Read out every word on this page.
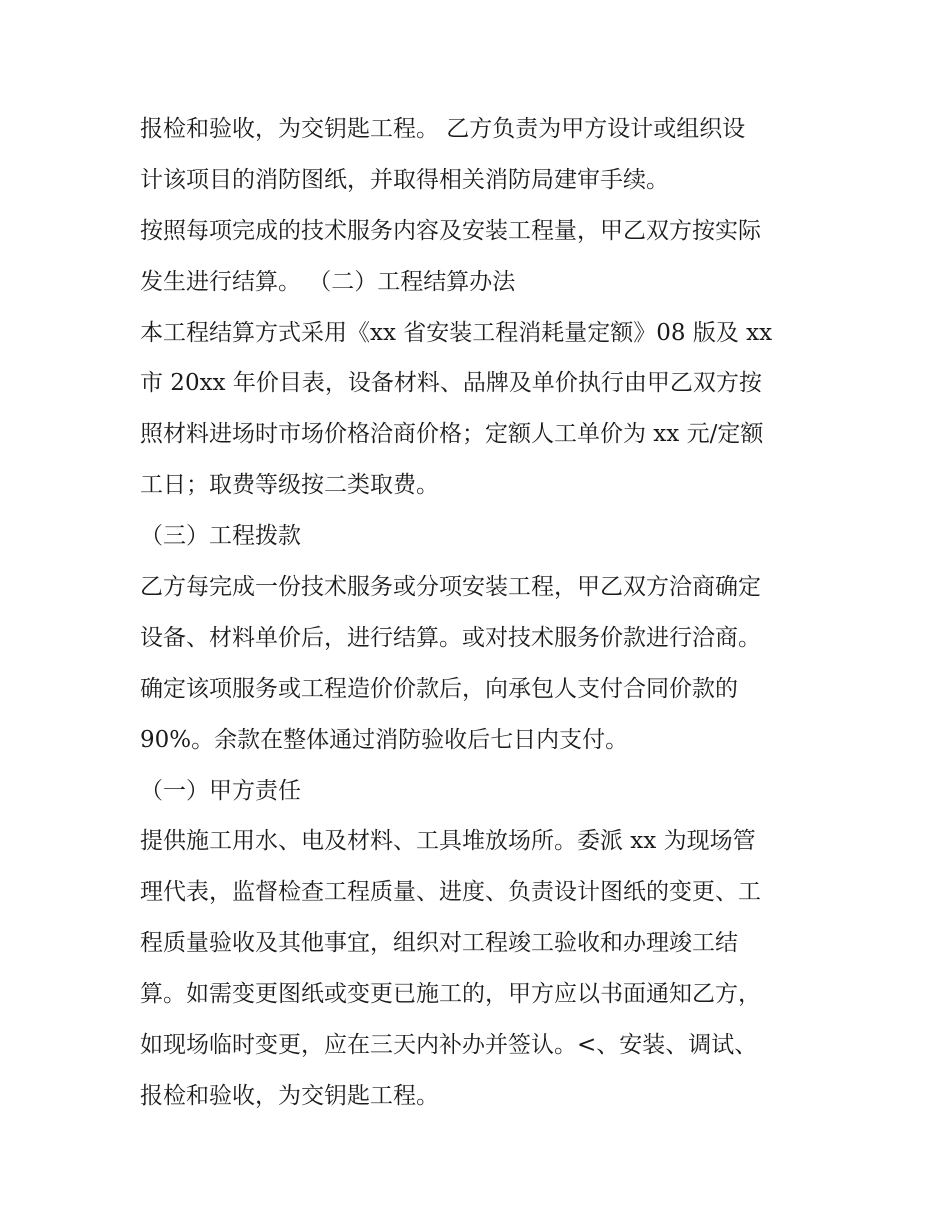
报检和验收，为交钥匙工程。 乙方负责为甲方设计或组织设
计该项目的消防图纸，并取得相关消防局建审手续。
按照每项完成的技术服务内容及安装工程量，甲乙双方按实际
发生进行结算。 （二）工程结算办法
本工程结算方式采用《xx 省安装工程消耗量定额》08 版及 xx
市 20xx 年价目表，设备材料、品牌及单价执行由甲乙双方按
照材料进场时市场价格洽商价格；定额人工单价为 xx 元/定额
工日；取费等级按二类取费。
（三）工程拨款
乙方每完成一份技术服务或分项安装工程，甲乙双方洽商确定
设备、材料单价后，进行结算。或对技术服务价款进行洽商。
确定该项服务或工程造价价款后，向承包人支付合同价款的
90%。余款在整体通过消防验收后七日内支付。
（一）甲方责任
提供施工用水、电及材料、工具堆放场所。委派 xx 为现场管
理代表，监督检查工程质量、进度、负责设计图纸的变更、工
程质量验收及其他事宜，组织对工程竣工验收和办理竣工结
算。如需变更图纸或变更已施工的，甲方应以书面通知乙方，
如现场临时变更，应在三天内补办并签认。<、安装、调试、
报检和验收，为交钥匙工程。
